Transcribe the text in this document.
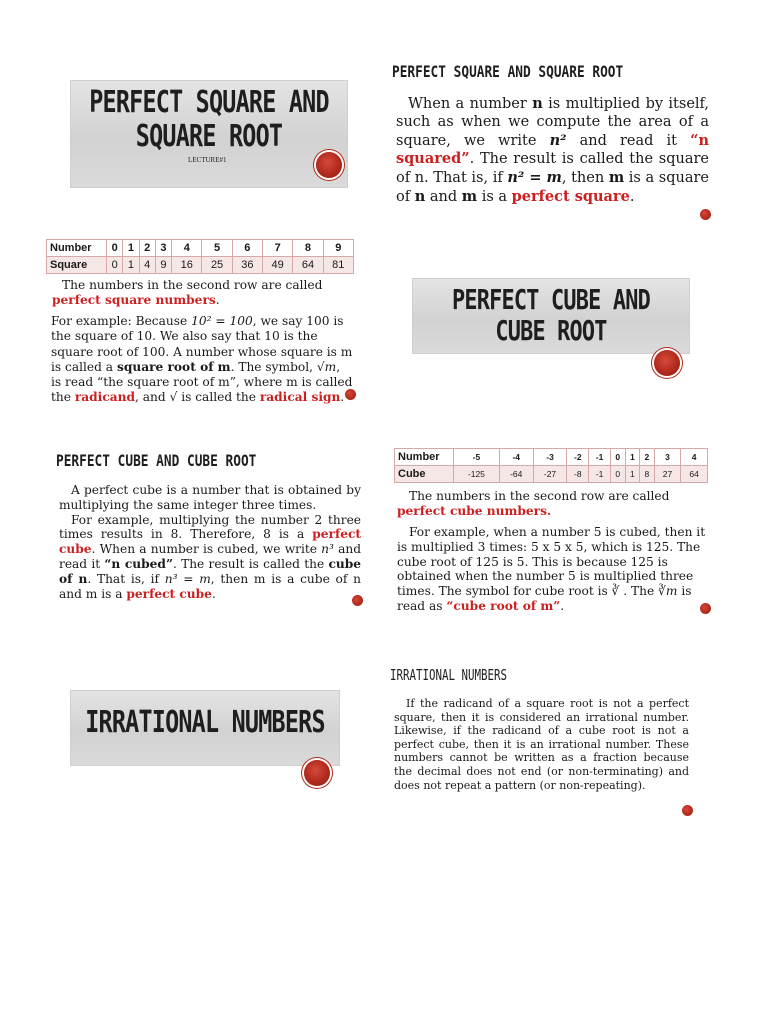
PERFECT SQUARE AND
SQUARE ROOT
LECTURE#1
PERFECT SQUARE AND SQUARE ROOT
When a number n is multiplied by itself, such as when we compute the area of a square, we write n² and read it “n squared”. The result is called the square of n. That is, if n² = m, then m is a square of n and m is a perfect square.
Number	0	1	2	3	4	5	6	7	8	9
Square	0	1	4	9	16	25	36	49	64	81
The numbers in the second row are called
perfect square numbers.
For example: Because 10² = 100, we say 100 is the square of 10. We also say that 10 is the square root of 100. A number whose square is m is called a square root of m. The symbol, √m, is read “the square root of m”, where m is called the radicand, and √ is called the radical sign.
PERFECT CUBE AND
CUBE ROOT
PERFECT CUBE AND CUBE ROOT
A perfect cube is a number that is obtained by multiplying the same integer three times.
For example, multiplying the number 2 three times results in 8. Therefore, 8 is a perfect cube. When a number is cubed, we write n³ and read it “n cubed”. The result is called the cube of n. That is, if n³ = m, then m is a cube of n and m is a perfect cube.
Number	-5	-4	-3	-2	-1	0	1	2	3	4
Cube	-125	-64	-27	-8	-1	0	1	8	27	64
The numbers in the second row are called
perfect cube numbers.
For example, when a number 5 is cubed, then it is multiplied 3 times: 5 x 5 x 5, which is 125. The cube root of 125 is 5. This is because 125 is obtained when the number 5 is multiplied three times. The symbol for cube root is ∛ . The ∛m is read as “cube root of m”.
IRRATIONAL NUMBERS
IRRATIONAL NUMBERS
If the radicand of a square root is not a perfect square, then it is considered an irrational number. Likewise, if the radicand of a cube root is not a perfect cube, then it is an irrational number. These numbers cannot be written as a fraction because the decimal does not end (or non-terminating) and does not repeat a pattern (or non-repeating).
